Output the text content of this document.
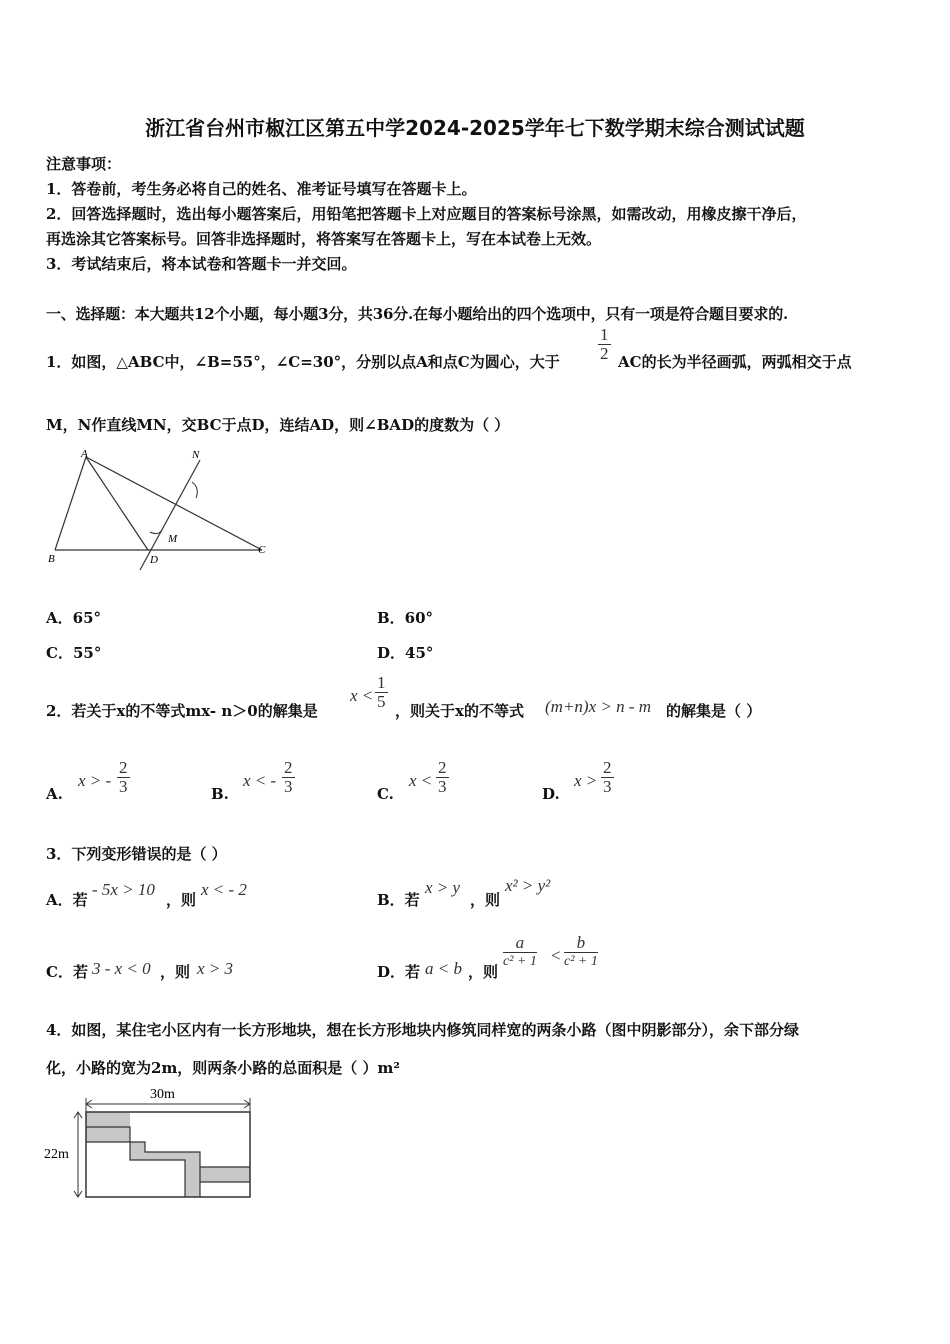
浙江省台州市椒江区第五中学2024-2025学年七下数学期末综合测试试题
注意事项：
1．答卷前，考生务必将自己的姓名、准考证号填写在答题卡上。
2．回答选择题时，选出每小题答案后，用铅笔把答题卡上对应题目的答案标号涂黑，如需改动，用橡皮擦干净后，
再选涂其它答案标号。回答非选择题时，将答案写在答题卡上，写在本试卷上无效。
3．考试结束后，将本试卷和答题卡一并交回。
一、选择题：本大题共12个小题，每小题3分，共36分.在每小题给出的四个选项中，只有一项是符合题目要求的.
1．如图，△ABC中，∠B=55°，∠C=30°，分别以点A和点C为圆心，大于 $\frac{1}{2}$ AC的长为半径画弧，两弧相交于点
M，N作直线MN，交BC于点D，连结AD，则∠BAD的度数为（ ）
A
B
C
D
M
N
A．65°	B．60°
C．55°	D．45°
2．若关于x的不等式mx- n＞0的解集是
$x < \frac{1}{5}$ ，则关于x的不等式 (m+n)x > n - m 的解集是（ ）
A.
x > - $\frac{2}{3}$	B.
x < - $\frac{2}{3}$	C.
$x < \frac{2}{3}$	D.
$x > \frac{2}{3}$
3．下列变形错误的是（ ）
A．若
- 5x > 10
，则
x < - 2
B．若
x > y
，则
x² > y²
C．若 3 - x < 0 ，则 x > 3	D．若 a < b ，则
a
c² + 1 <
b
c² + 1
4．如图，某住宅小区内有一长方形地块，想在长方形地块内修筑同样宽的两条小路（图中阴影部分），余下部分绿
化，小路的宽为2m，则两条小路的总面积是（ ）m²
30m
22m
